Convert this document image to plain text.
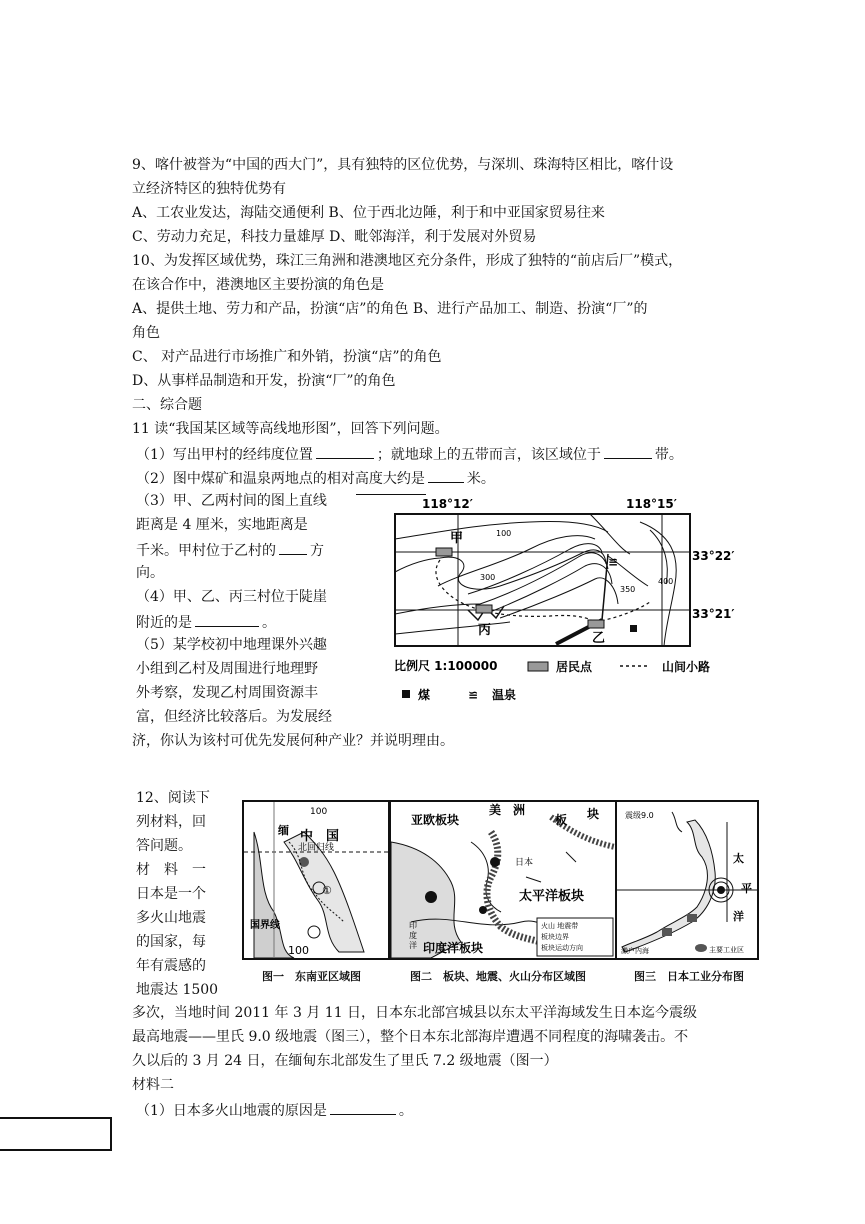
9、喀什被誉为“中国的西大门”，具有独特的区位优势，与深圳、珠海特区相比，喀什设
立经济特区的独特优势有
A、工农业发达，海陆交通便利 B、位于西北边陲，利于和中亚国家贸易往来
C、劳动力充足，科技力量雄厚 D、毗邻海洋，利于发展对外贸易
10、为发挥区域优势，珠江三角洲和港澳地区充分条件，形成了独特的“前店后厂”模式，
在该合作中，港澳地区主要扮演的角色是
A、提供土地、劳力和产品，扮演“店”的角色 B、进行产品加工、制造、扮演“厂”的
角色
C、 对产品进行市场推广和外销，扮演“店”的角色
D、从事样品制造和开发，扮演“厂”的角色
二、综合题
11 读“我国某区域等高线地形图”，回答下列问题。
（1）写出甲村的经纬度位置	；就地球上的五带而言，该区域位于	带。
（2）图中煤矿和温泉两地点的相对高度大约是	米。
（3）甲、乙两村间的图上直线
距离是 4 厘米，实地距离是
千米。甲村位于乙村的 方
向。
（4）甲、乙、丙三村位于陡崖
附近的是	。
（5）某学校初中地理课外兴趣
小组到乙村及周围进行地理野
外考察，发现乙村周围资源丰
富，但经济比较落后。为发展经
济，你认为该村可优先发展何种产业？并说明理由。
118°12′	118°15′
33°22′
33°21′
100
300
350
400
甲
丙
乙
≌
比例尺 1:100000	居民点	山间小路
煤	≌ 温泉
12、阅读下
列材料，回
答问题。
材　料　一
日本是一个
多火山地震
的国家，每
年有震感的
地震达 1500
多次，当地时间 2011 年 3 月 11 日，日本东北部宫城县以东太平洋海域发生日本迄今震级
最高地震——里氏 9.0 级地震（图三），整个日本东北部海岸遭遇不同程度的海啸袭击。不
久以后的 3 月 24 日，在缅甸东北部发生了里氏 7.2 级地震（图一）
材料二
（1）日本多火山地震的原因是	。
中　国
北回归线
缅
国界线
100
100
①
图一　东南亚区域图
亚欧板块
美　洲
板 块
日本
太平洋板块
印度洋板块
印
度
洋
火山 地震带
板块边界
板块运动方向
图二　板块、地震、火山分布区域图
震级9.0
太
平
洋
濑户内海	主要工业区
图三　日本工业分布图
